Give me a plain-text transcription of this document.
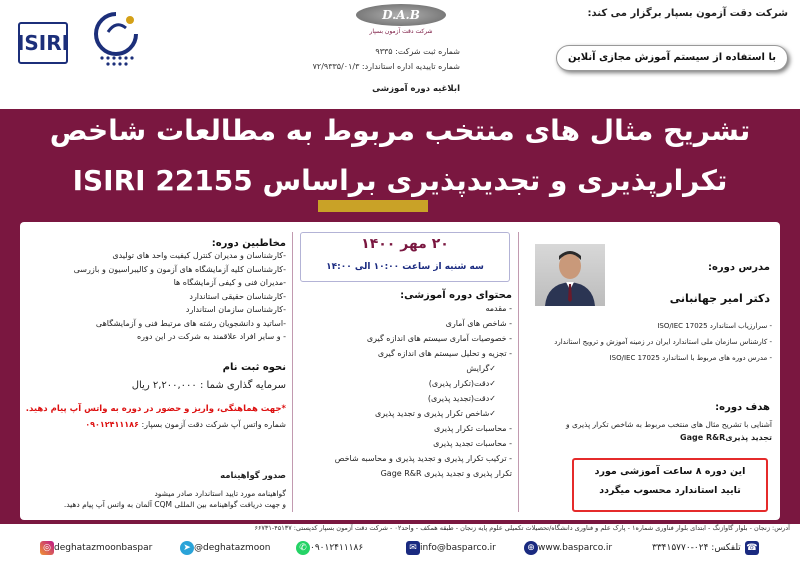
شرکت دقت آزمون بسپار برگزار می کند:
با استفاده از سیستم آموزش مجازی آنلاین
D.A.B
شرکت دقت آزمون بسپار
شماره ثبت شرکت: ۹۳۳۵
شماره تاییدیه اداره استاندارد: ۷۲/۹۳۳۵/۰۱/۳
ابلاغیه دوره آموزشی
ISIRI
تشریح مثال های منتخب مربوط به مطالعات شاخص
تکرارپذیری و تجدیدپذیری براساس ISIRI 22155
مخاطبین دوره:
-کارشناسان و مدیران کنترل کیفیت واحد های تولیدی
-کارشناسان کلیه آزمایشگاه های آزمون و کالیبراسیون و بازرسی
-مدیران فنی و کیفی آزمایشگاه ها
-کارشناسان حقیقی استاندارد
-کارشناسان سازمان استاندارد
-اساتید و دانشجویان رشته های مرتبط فنی و آزمایشگاهی
- و سایر افراد علاقمند به شرکت در این دوره
نحوه ثبت نام
سرمایه گذاری شما : ۲,۲۰۰,۰۰۰ ریال
*جهت هماهنگی، واریز و حضور در دوره به واتس آپ پیام دهید.
شماره واتس آپ شرکت دقت آزمون بسپار: ۰۹۰۱۲۴۱۱۱۸۶
صدور گواهینامه
گواهینامه مورد تایید استاندارد صادر میشود
و جهت دریافت گواهینامه بین المللی CQM آلمان به واتس آپ پیام دهید.
۲۰ مهر ۱۴۰۰
سه شنبه از ساعت ۱۰:۰۰ الی ۱۴:۰۰
محتوای دوره آموزشی:
- مقدمه
- شاخص های آماری
- خصوصیات آماری سیستم های اندازه گیری
- تجزیه و تحلیل سیستم های اندازه گیری
✓گرایش
✓دقت(تکرار پذیری)
✓دقت(تجدید پذیری)
✓شاخص تکرار پذیری و تجدید پذیری
- محاسبات تکرار پذیری
- محاسبات تجدید پذیری
- ترکیب تکرار پذیری و تجدید پذیری و محاسبه شاخص
تکرار پذیری و تجدید پذیری Gage R&R
مدرس دوره:
دکتر امیر جهانبانی
- سرارزیاب استاندارد ISO/IEC 17025
- کارشناس سازمان ملی استاندارد ایران در زمینه آموزش و ترویج استاندارد
- مدرس دوره های مربوط با استاندارد ISO/IEC 17025
هدف دوره:
آشنایی با تشریح مثال های منتخب مربوط به شاخص تکرار پذیری و
تجدید پذیریGage R&R
این دوره ۸ ساعت آموزشی مورد
تایید استاندارد محسوب میگردد
آدرس: زنجان - بلوار گاوازنگ - ابتدای بلوار فناوری شماره۱ - پارک علم و فناوری دانشگاه/تحصیلات تکمیلی علوم پایه زنجان - طبقه همکف - واحد۰۲ - شرکت دقت آزمون بسپار کدپستی: ۴۵۱۳۷-۶۶۷۳۱
◎ deghatazmoonbaspar	➤ @deghatazmoon	✆ ۰۹۰۱۲۴۱۱۱۸۶	✉ info@basparco.ir	⊕ www.basparco.ir	☎
تلفکس: ۰۲۴-۳۳۴۱۵۷۷۰
